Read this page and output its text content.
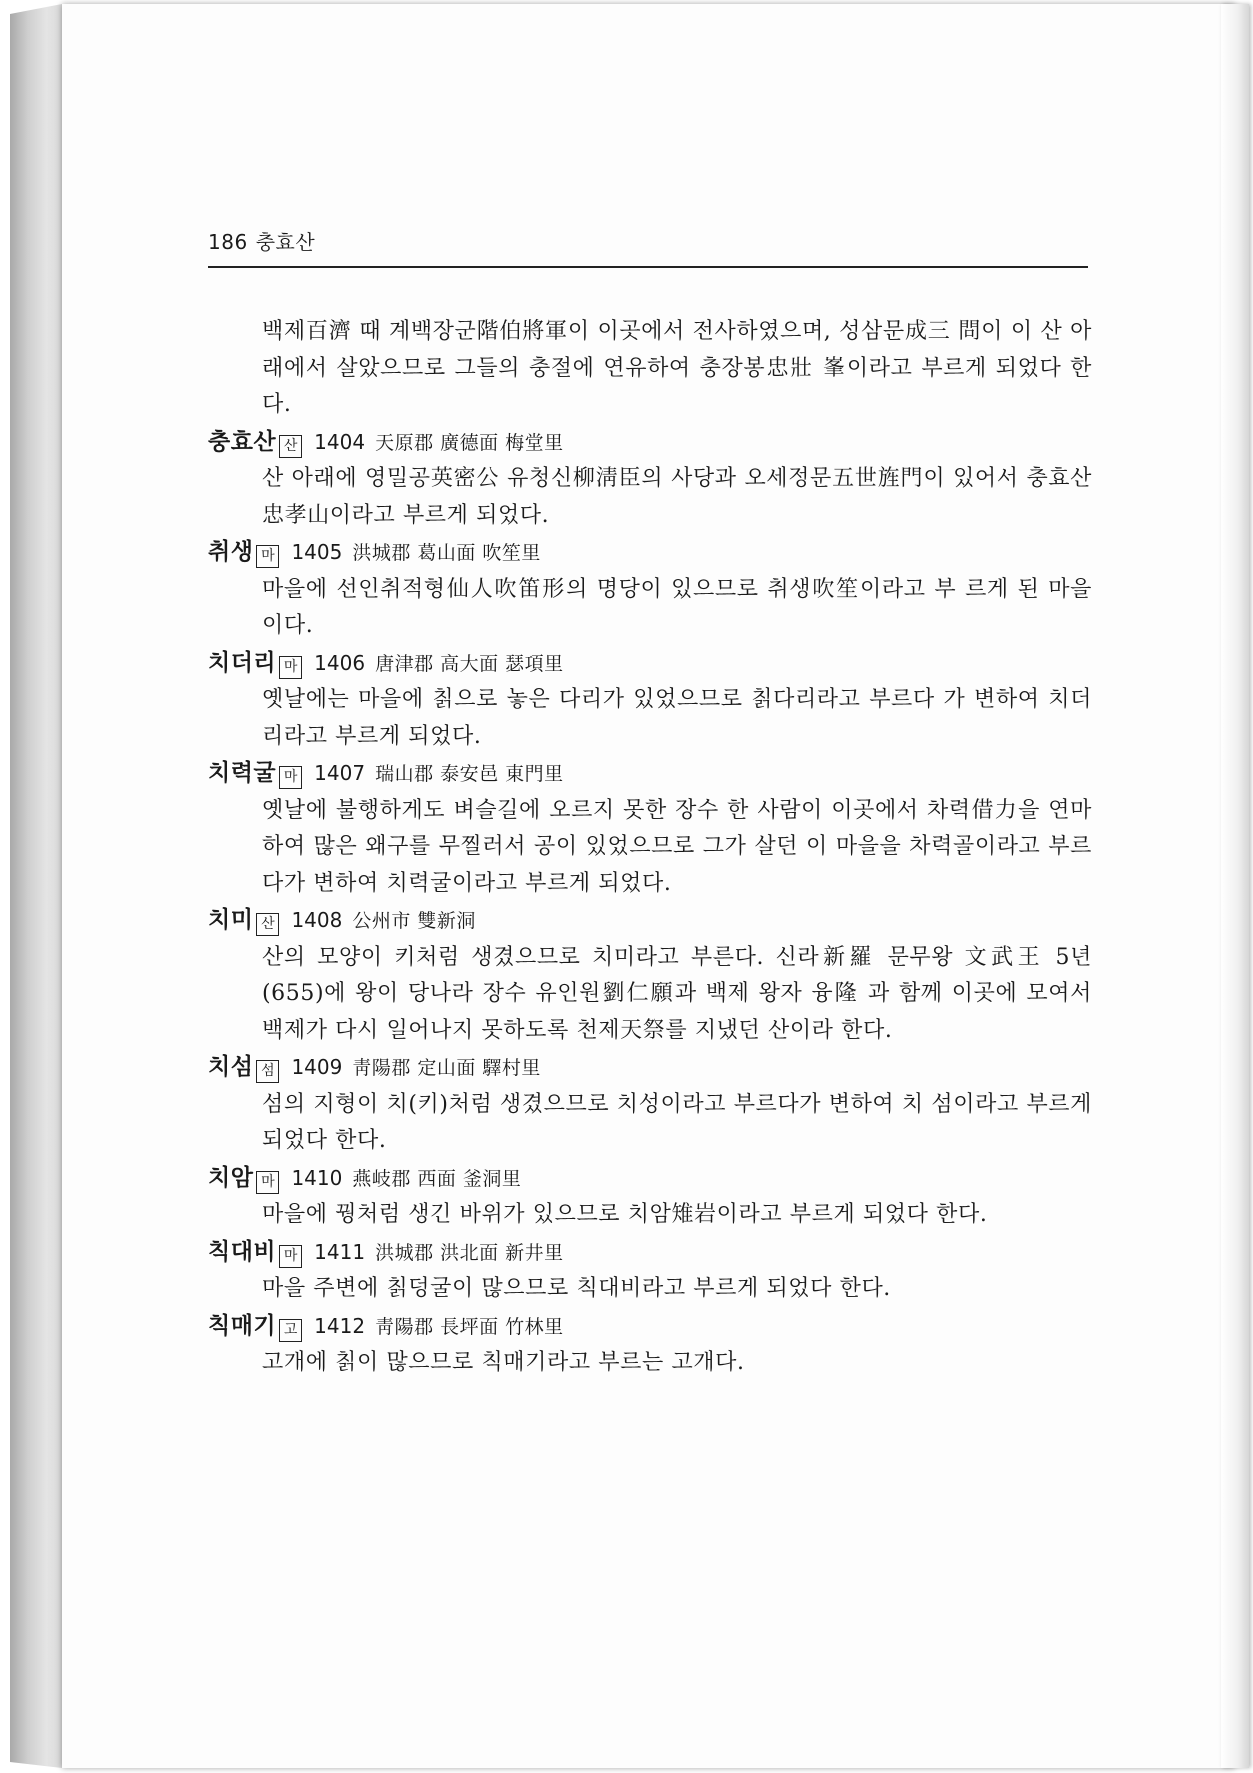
186 충효산

백제百濟 때 계백장군階伯將軍이 이곳에서 전사하였으며, 성삼문成三 問이 이 산 아래에서 살았으므로 그들의 충절에 연유하여 충장봉忠壯 峯이라고 부르게 되었다 한다.

충효산 산 1404 天原郡 廣德面 梅堂里

산 아래에 영밀공英密公 유청신柳淸臣의 사당과 오세정문五世旌門이 있어서 충효산忠孝山이라고 부르게 되었다.

취생 마 1405 洪城郡 葛山面 吹笙里

마을에 선인취적형仙人吹笛形의 명당이 있으므로 취생吹笙이라고 부 르게 된 마을이다.

치더리 마 1406 唐津郡 高大面 瑟項里

옛날에는 마을에 칡으로 놓은 다리가 있었으므로 칡다리라고 부르다 가 변하여 치더리라고 부르게 되었다.

치력굴 마 1407 瑞山郡 泰安邑 東門里

옛날에 불행하게도 벼슬길에 오르지 못한 장수 한 사람이 이곳에서 차력借力을 연마하여 많은 왜구를 무찔러서 공이 있었으므로 그가 살던 이 마을을 차력골이라고 부르다가 변하여 치력굴이라고 부르게 되었다.

치미 산 1408 公州市 雙新洞

산의 모양이 키처럼 생겼으므로 치미라고 부른다. 신라新羅 문무왕 文武王 5년(655)에 왕이 당나라 장수 유인원劉仁願과 백제 왕자 융隆 과 함께 이곳에 모여서 백제가 다시 일어나지 못하도록 천제天祭를 지냈던 산이라 한다.

치섬 섬 1409 靑陽郡 定山面 驛村里

섬의 지형이 치(키)처럼 생겼으므로 치성이라고 부르다가 변하여 치 섬이라고 부르게 되었다 한다.

치암 마 1410 燕岐郡 西面 釜洞里

마을에 꿩처럼 생긴 바위가 있으므로 치암雉岩이라고 부르게 되었다 한다.

칙대비 마 1411 洪城郡 洪北面 新井里

마을 주변에 칡덩굴이 많으므로 칙대비라고 부르게 되었다 한다.

칙매기 고 1412 靑陽郡 長坪面 竹林里

고개에 칡이 많으므로 칙매기라고 부르는 고개다.
